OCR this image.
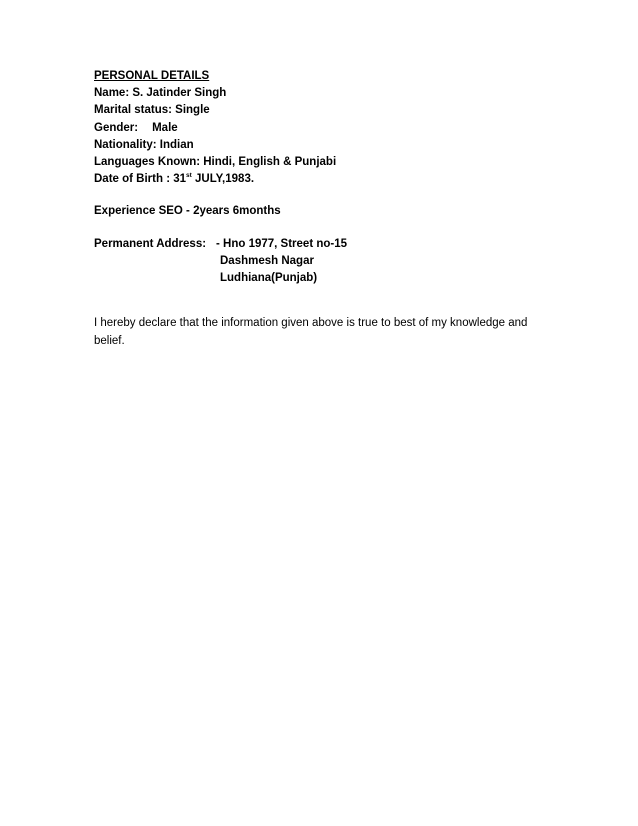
PERSONAL DETAILS
Name: S. Jatinder Singh
Marital status: Single
Gender: Male
Nationality: Indian
Languages Known: Hindi, English & Punjabi
Date of Birth : 31st JULY,1983.
Experience SEO - 2years 6months
Permanent Address: - Hno 1977, Street no-15
Dashmesh Nagar
Ludhiana(Punjab)
I hereby declare that the information given above is true to best of my knowledge and belief.
